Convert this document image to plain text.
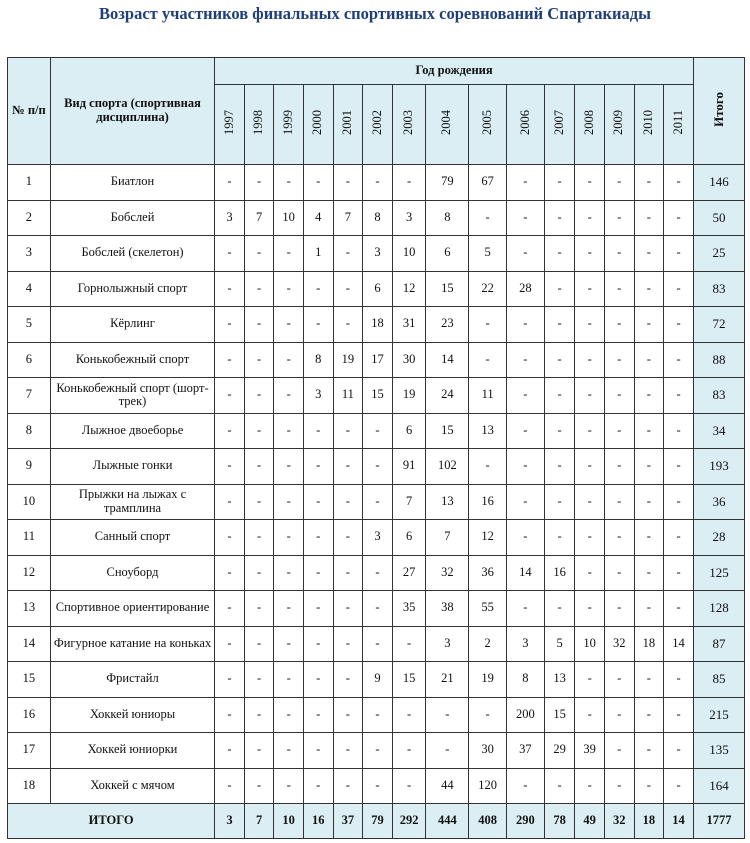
Возраст участников финальных спортивных соревнований Спартакиады
№ п/п	Вид спорта (спортивная дисциплина)	Год рождения															Итого
		1997	1998	1999	2000	2001	2002	2003	2004	2005	2006	2007	2008	2009	2010	2011	
1	Биатлон	-	-	-	-	-	-	-	79	67	-	-	-	-	-	-	146
2	Бобслей	3	7	10	4	7	8	3	8	-	-	-	-	-	-	-	50
3	Бобслей (скелетон)	-	-	-	1	-	3	10	6	5	-	-	-	-	-	-	25
4	Горнолыжный спорт	-	-	-	-	-	6	12	15	22	28	-	-	-	-	-	83
5	Кёрлинг	-	-	-	-	-	18	31	23	-	-	-	-	-	-	-	72
6	Конькобежный спорт	-	-	-	8	19	17	30	14	-	-	-	-	-	-	-	88
7	Конькобежный спорт (шорт-трек)	-	-	-	3	11	15	19	24	11	-	-	-	-	-	-	83
8	Лыжное двоеборье	-	-	-	-	-	-	6	15	13	-	-	-	-	-	-	34
9	Лыжные гонки	-	-	-	-	-	-	91	102	-	-	-	-	-	-	-	193
10	Прыжки на лыжах с трамплина	-	-	-	-	-	-	7	13	16	-	-	-	-	-	-	36
11	Санный спорт	-	-	-	-	-	3	6	7	12	-	-	-	-	-	-	28
12	Сноуборд	-	-	-	-	-	-	27	32	36	14	16	-	-	-	-	125
13	Спортивное ориентирование	-	-	-	-	-	-	35	38	55	-	-	-	-	-	-	128
14	Фигурное катание на коньках	-	-	-	-	-	-	-	3	2	3	5	10	32	18	14	87
15	Фристайл	-	-	-	-	-	9	15	21	19	8	13	-	-	-	-	85
16	Хоккей юниоры	-	-	-	-	-	-	-	-	-	200	15	-	-	-	-	215
17	Хоккей юниорки	-	-	-	-	-	-	-	-	30	37	29	39	-	-	-	135
18	Хоккей с мячом	-	-	-	-	-	-	-	44	120	-	-	-	-	-	-	164
ИТОГО		3	7	10	16	37	79	292	444	408	290	78	49	32	18	14	1777
